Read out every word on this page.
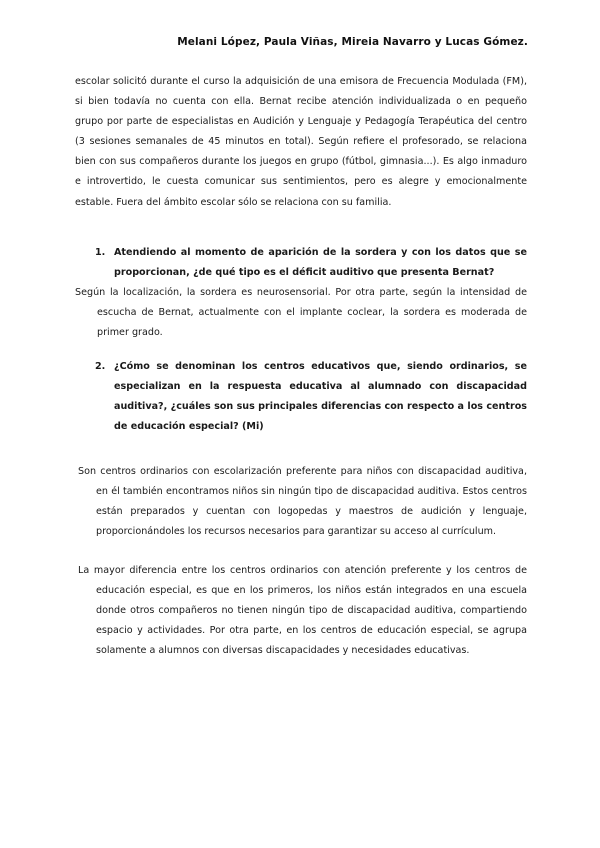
Melani López, Paula Viñas, Mireia Navarro y Lucas Gómez.

escolar solicitó durante el curso la adquisición de una emisora de Frecuencia Modulada (FM), si bien todavía no cuenta con ella. Bernat recibe atención individualizada o en pequeño grupo por parte de especialistas en Audición y Lenguaje y Pedagogía Terapéutica del centro (3 sesiones semanales de 45 minutos en total). Según refiere el profesorado, se relaciona bien con sus compañeros durante los juegos en grupo (fútbol, gimnasia...). Es algo inmaduro e introvertido, le cuesta comunicar sus sentimientos, pero es alegre y emocionalmente estable. Fuera del ámbito escolar sólo se relaciona con su familia.

1. Atendiendo al momento de aparición de la sordera y con los datos que se proporcionan, ¿de qué tipo es el déficit auditivo que presenta Bernat?

Según la localización, la sordera es neurosensorial. Por otra parte, según la intensidad de escucha de Bernat, actualmente con el implante coclear, la sordera es moderada de primer grado.

2. ¿Cómo se denominan los centros educativos que, siendo ordinarios, se especializan en la respuesta educativa al alumnado con discapacidad auditiva?, ¿cuáles son sus principales diferencias con respecto a los centros de educación especial? (Mi)

Son centros ordinarios con escolarización preferente para niños con discapacidad auditiva, en él también encontramos niños sin ningún tipo de discapacidad auditiva. Estos centros están preparados y cuentan con logopedas y maestros de audición y lenguaje, proporcionándoles los recursos necesarios para garantizar su acceso al currículum.

La mayor diferencia entre los centros ordinarios con atención preferente y los centros de educación especial, es que en los primeros, los niños están integrados en una escuela donde otros compañeros no tienen ningún tipo de discapacidad auditiva, compartiendo espacio y actividades. Por otra parte, en los centros de educación especial, se agrupa solamente a alumnos con diversas discapacidades y necesidades educativas.
